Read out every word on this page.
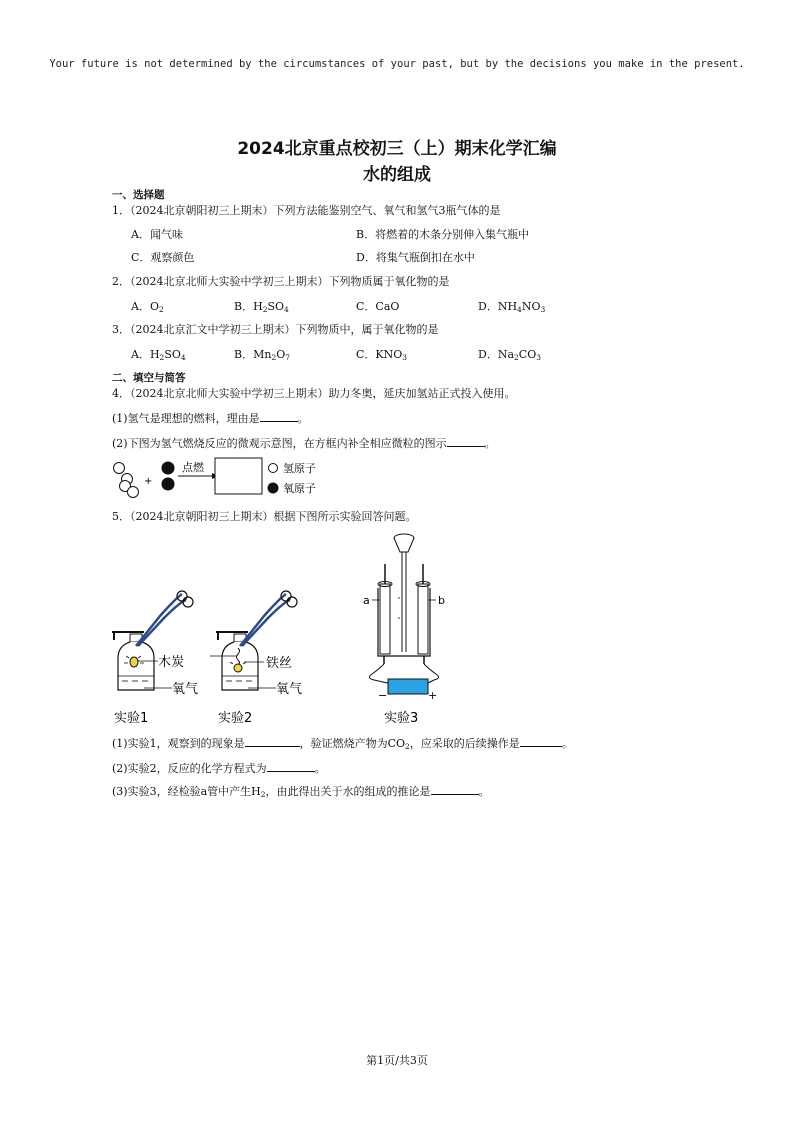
Your future is not determined by the circumstances of your past, but by the decisions you make in the present.
2024北京重点校初三（上）期末化学汇编
水的组成
一、选择题
1．（2024北京朝阳初三上期末）下列方法能鉴别空气、氧气和氢气3瓶气体的是
A．闻气味	B．将燃着的木条分别伸入集气瓶中
C．观察颜色	D．将集气瓶倒扣在水中
2．（2024北京北师大实验中学初三上期末）下列物质属于氧化物的是
A．$O_2$	B．$H_2SO_4$	C．CaO	D．$NH_4NO_3$
3．（2024北京汇文中学初三上期末）下列物质中，属于氧化物的是
A．$H_2SO_4$	B．$Mn_2O_7$	C．$KNO_3$	D．$Na_2CO_3$
二、填空与简答
4．（2024北京北师大实验中学初三上期末）助力冬奥，延庆加氢站正式投入使用。
(1)氢气是理想的燃料，理由是	。
(2)下图为氢气燃烧反应的微观示意图，在方框内补全相应微粒的图示	。
+
点燃	氢原子
氧原子
5．（2024北京朝阳初三上期末）根据下图所示实验回答问题。
木炭
氧气
实验1
铁丝
氧气
实验2
a	b
−	+
实验3
(1)实验1，观察到的现象是	，验证燃烧产物为$CO_2$，应采取的后续操作是	。
(2)实验2，反应的化学方程式为	。
(3)实验3，经检验a管中产生$H_2$，由此得出关于水的组成的推论是	。
第1页/共3页
